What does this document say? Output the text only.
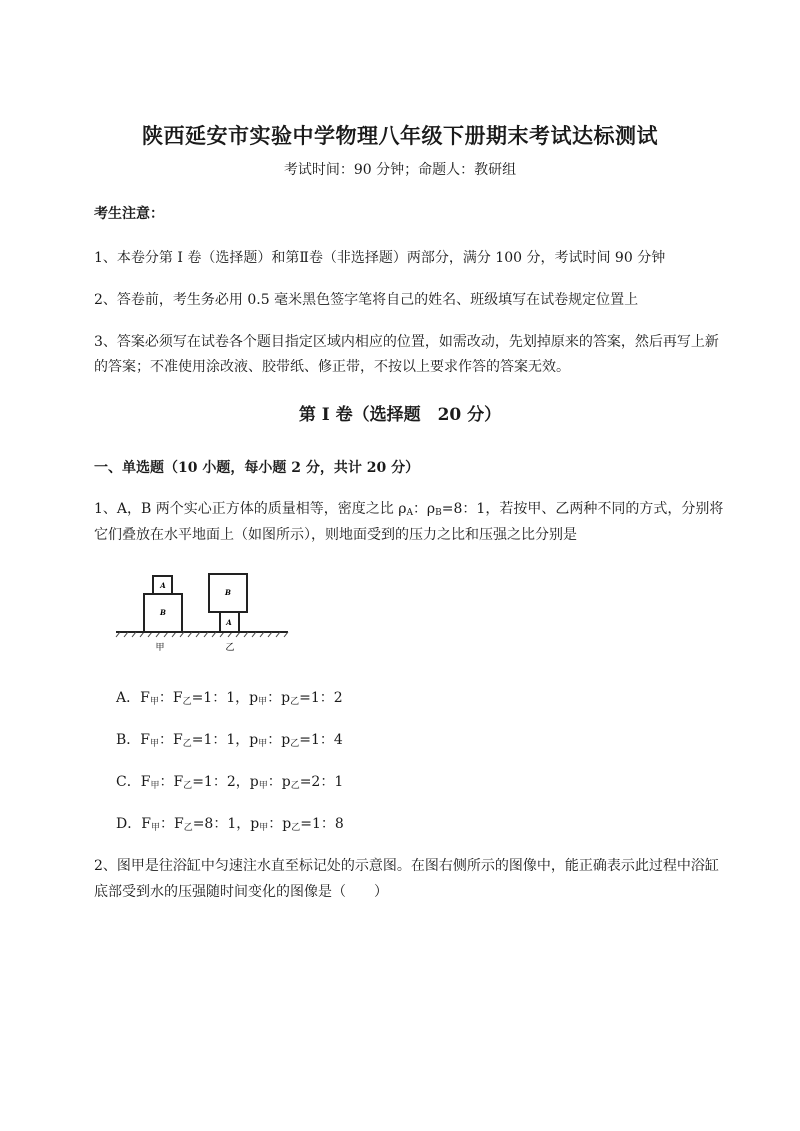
陕西延安市实验中学物理八年级下册期末考试达标测试
考试时间：90 分钟；命题人：教研组
考生注意：
1、本卷分第 I 卷（选择题）和第Ⅱ卷（非选择题）两部分，满分 100 分，考试时间 90 分钟
2、答卷前，考生务必用 0.5 毫米黑色签字笔将自己的姓名、班级填写在试卷规定位置上
3、答案必须写在试卷各个题目指定区域内相应的位置，如需改动，先划掉原来的答案，然后再写上新
的答案；不准使用涂改液、胶带纸、修正带，不按以上要求作答的答案无效。
第 I 卷（选择题　20 分）
一、单选题（10 小题，每小题 2 分，共计 20 分）
1、A，B 两个实心正方体的质量相等，密度之比 $\rho_A$：$\rho_B=8$：1，若按甲、乙两种不同的方式，分别将
它们叠放在水平地面上（如图所示），则地面受到的压力之比和压强之比分别是
B
A
B
A
甲	乙
A．$F_甲$：$F_乙=1$：1，$p_甲$：$p_乙=1$：2
B．$F_甲$：$F_乙=1$：1，$p_甲$：$p_乙=1$：4
C．$F_甲$：$F_乙=1$：2，$p_甲$：$p_乙=2$：1
D．$F_甲$：$F_乙=8$：1，$p_甲$：$p_乙=1$：8
2、图甲是往浴缸中匀速注水直至标记处的示意图。在图右侧所示的图像中，能正确表示此过程中浴缸
底部受到水的压强随时间变化的图像是（　　）
